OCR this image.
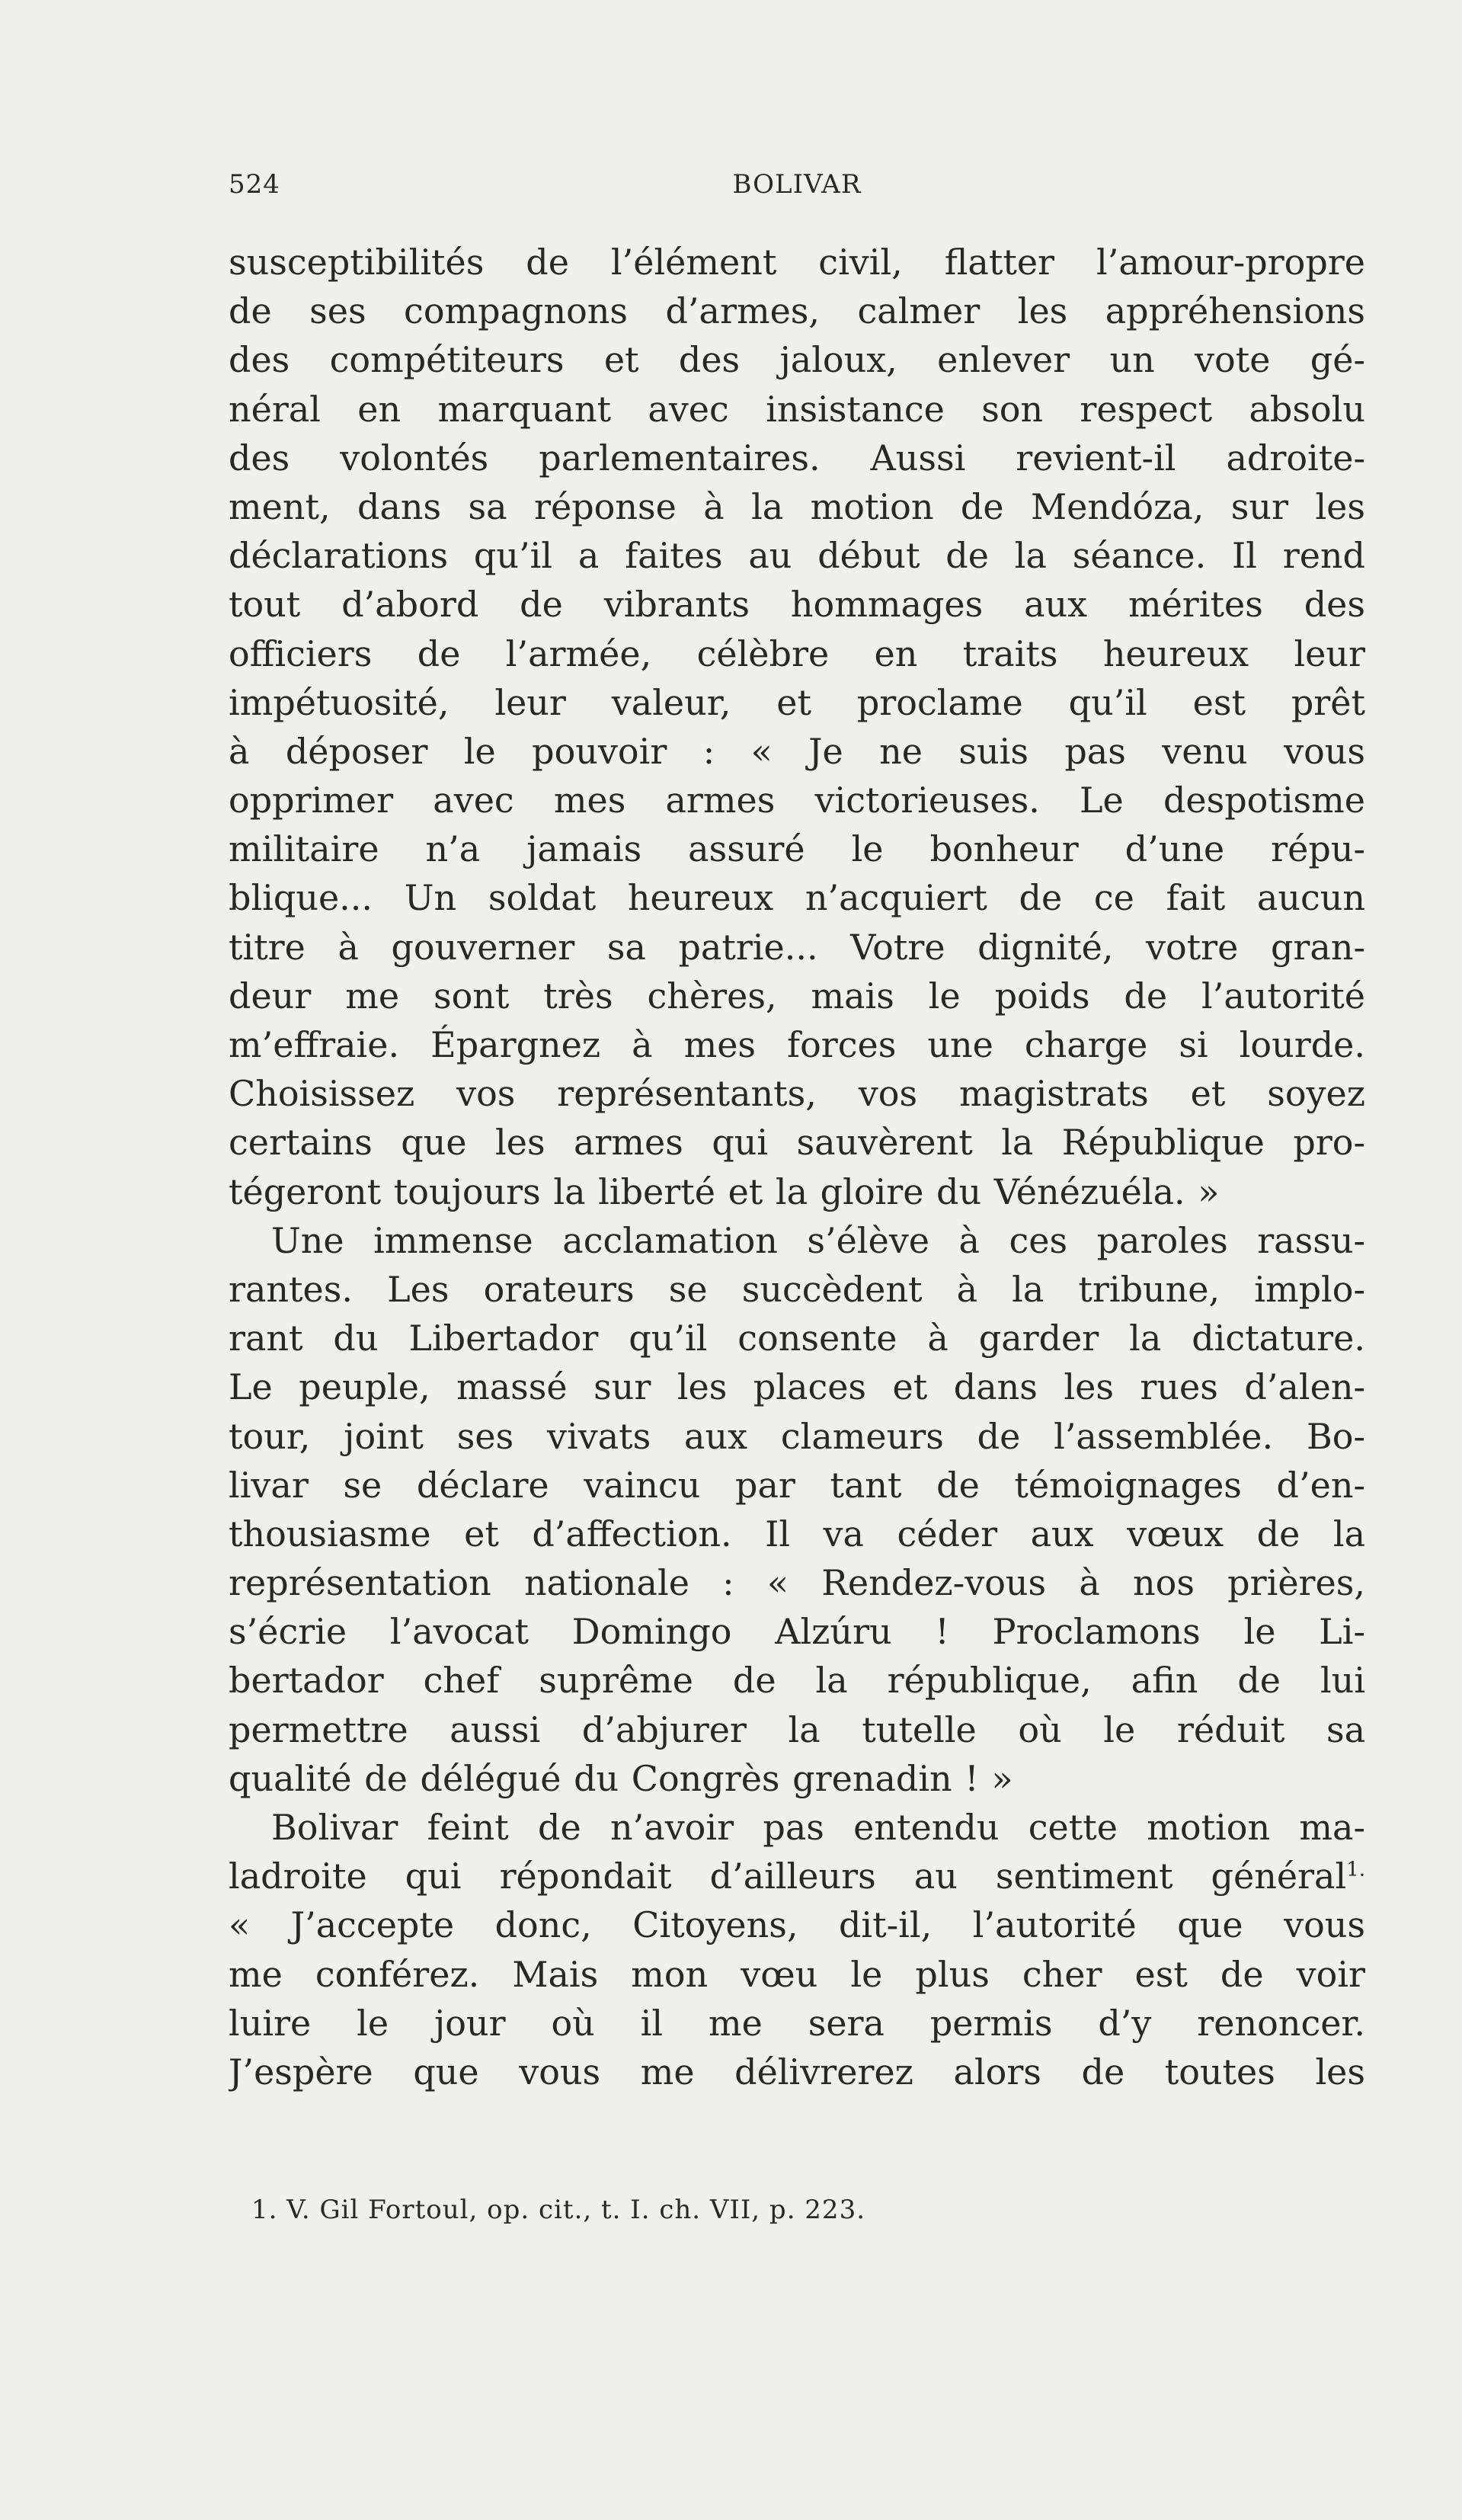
524	BOLIVAR
susceptibilités de l’élément civil, flatter l’amour-propre
de ses compagnons d’armes, calmer les appréhensions
des compétiteurs et des jaloux, enlever un vote gé-
néral en marquant avec insistance son respect absolu
des volontés parlementaires. Aussi revient-il adroite-
ment, dans sa réponse à la motion de Mendóza, sur les
déclarations qu’il a faites au début de la séance. Il rend
tout d’abord de vibrants hommages aux mérites des
officiers de l’armée, célèbre en traits heureux leur
impétuosité, leur valeur, et proclame qu’il est prêt
à déposer le pouvoir : « Je ne suis pas venu vous
opprimer avec mes armes victorieuses. Le despotisme
militaire n’a jamais assuré le bonheur d’une répu-
blique... Un soldat heureux n’acquiert de ce fait aucun
titre à gouverner sa patrie... Votre dignité, votre gran-
deur me sont très chères, mais le poids de l’autorité
m’effraie. Épargnez à mes forces une charge si lourde.
Choisissez vos représentants, vos magistrats et soyez
certains que les armes qui sauvèrent la République pro-
tégeront toujours la liberté et la gloire du Vénézuéla. »
Une immense acclamation s’élève à ces paroles rassu-
rantes. Les orateurs se succèdent à la tribune, implo-
rant du Libertador qu’il consente à garder la dictature.
Le peuple, massé sur les places et dans les rues d’alen-
tour, joint ses vivats aux clameurs de l’assemblée. Bo-
livar se déclare vaincu par tant de témoignages d’en-
thousiasme et d’affection. Il va céder aux vœux de la
représentation nationale : « Rendez-vous à nos prières,
s’écrie l’avocat Domingo Alzúru ! Proclamons le Li-
bertador chef suprême de la république, afin de lui
permettre aussi d’abjurer la tutelle où le réduit sa
qualité de délégué du Congrès grenadin ! »
Bolivar feint de n’avoir pas entendu cette motion ma-
ladroite qui répondait d’ailleurs au sentiment général$^{1.}$
« J’accepte donc, Citoyens, dit-il, l’autorité que vous
me conférez. Mais mon vœu le plus cher est de voir
luire le jour où il me sera permis d’y renoncer.
J’espère que vous me délivrerez alors de toutes les
1. V. Gil Fortoul, op. cit., t. I. ch. VII, p. 223.
